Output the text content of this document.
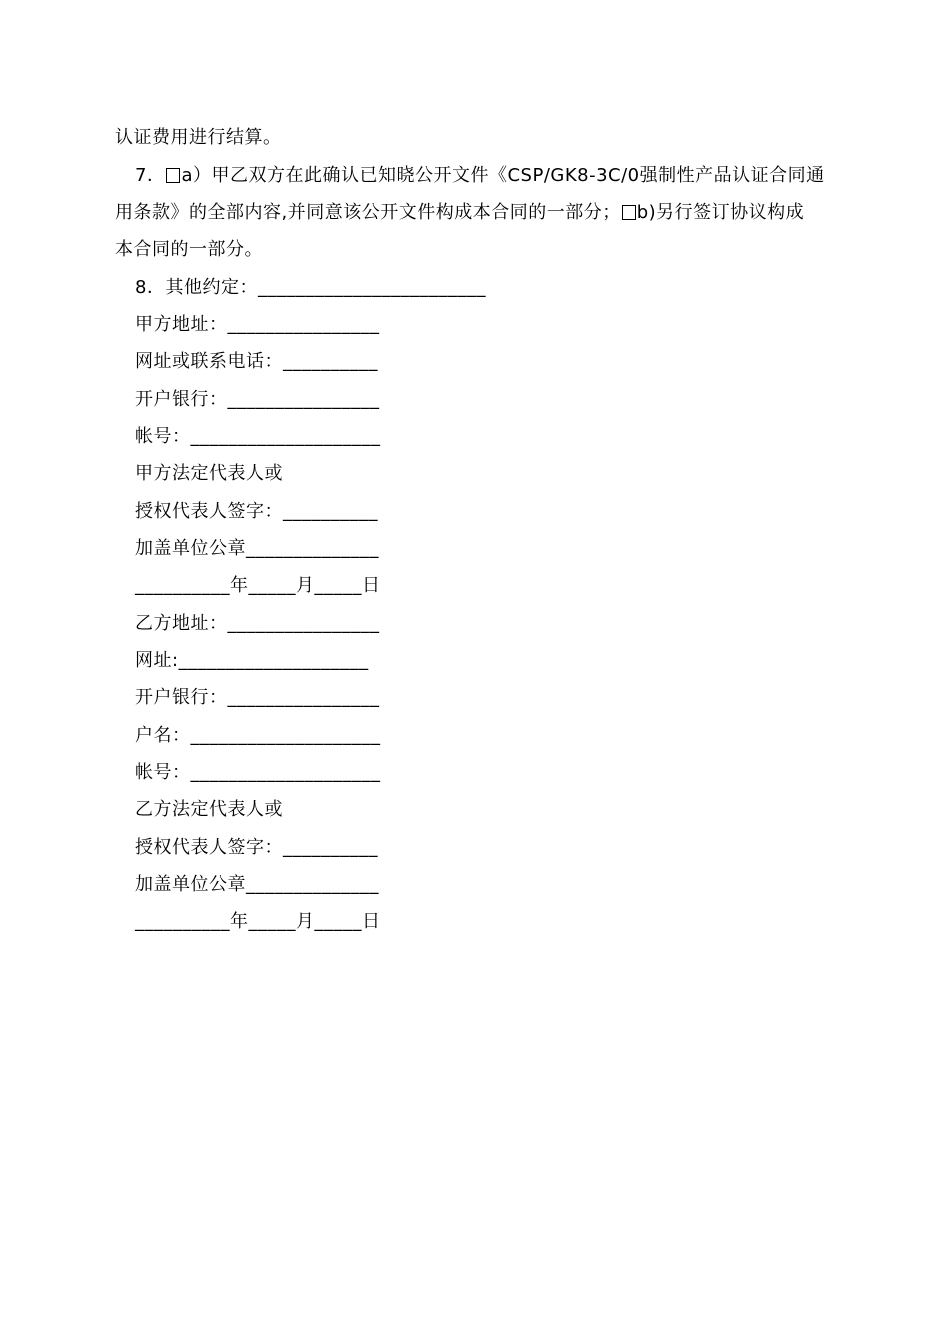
认证费用进行结算。
7． a）甲乙双方在此确认已知晓公开文件《CSP/GK8-3C/0强制性产品认证合同通
用条款》的全部内容,并同意该公开文件构成本合同的一部分； b)另行签订协议构成
本合同的一部分。
8．其他约定：________________________
甲方地址：________________
网址或联系电话：__________
开户银行：________________
帐号：____________________
甲方法定代表人或
授权代表人签字：__________
加盖单位公章______________
__________年_____月_____日
乙方地址：________________
网址:____________________
开户银行：________________
户名：____________________
帐号：____________________
乙方法定代表人或
授权代表人签字：__________
加盖单位公章______________
__________年_____月_____日
